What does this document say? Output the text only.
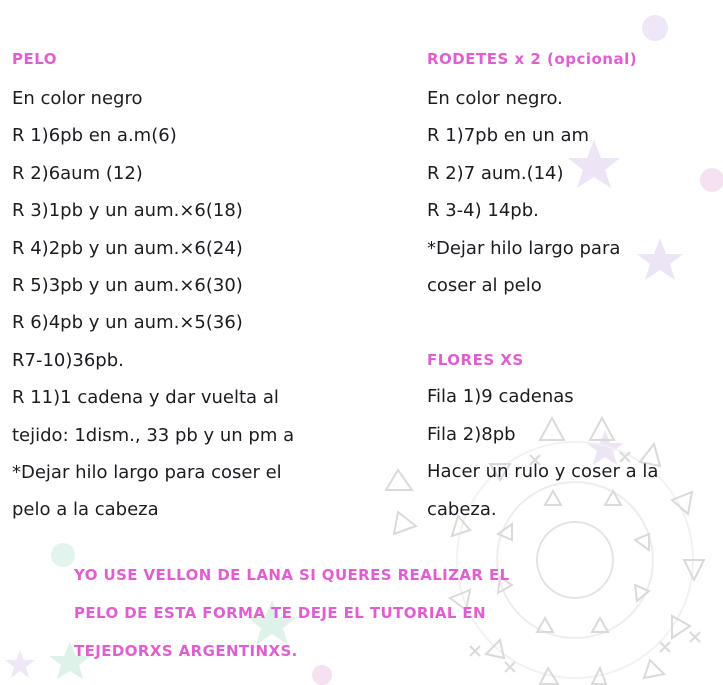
PELO

En color negro

R 1)6pb en a.m(6)

R 2)6aum (12)

R 3)1pb y un aum.×6(18)

R 4)2pb y un aum.×6(24)

R 5)3pb y un aum.×6(30)

R 6)4pb y un aum.×5(36)

R7-10)36pb.

R 11)1 cadena y dar vuelta al

tejido: 1dism., 33 pb y un pm a

*Dejar hilo largo para coser el

pelo a la cabeza

RODETES x 2 (opcional)

En color negro.

R 1)7pb en un am

R 2)7 aum.(14)

R 3-4) 14pb.

*Dejar hilo largo para

coser al pelo

FLORES XS

Fila 1)9 cadenas

Fila 2)8pb

Hacer un rulo y coser a la

cabeza.

YO USE VELLON DE LANA SI QUERES REALIZAR EL

PELO DE ESTA FORMA TE DEJE EL TUTORIAL EN

TEJEDORXS ARGENTINXS.
